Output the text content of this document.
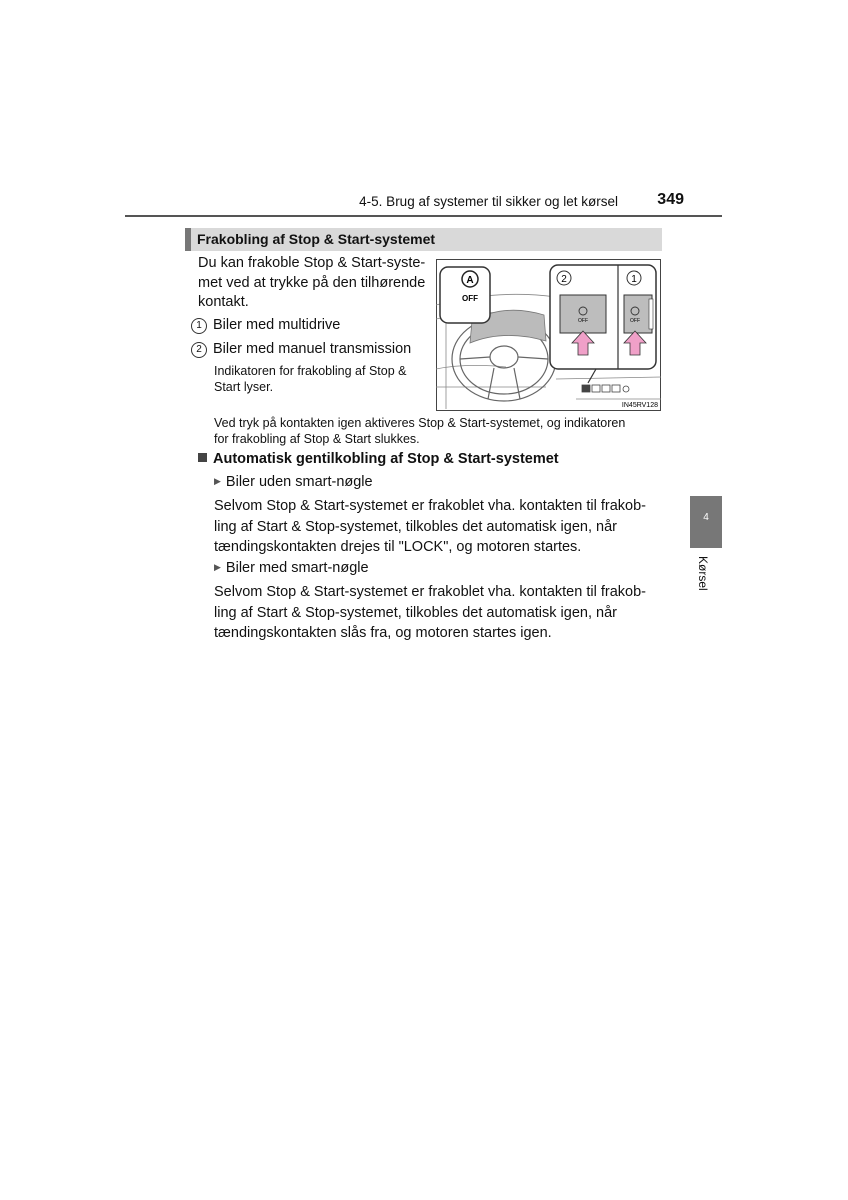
4-5. Brug af systemer til sikker og let kørsel	349
Frakobling af Stop & Start-systemet
Du kan frakoble Stop & Start-syste-
met ved at trykke på den tilhørende
kontakt.
1 Biler med multidrive
2 Biler med manuel transmission
Indikatoren for frakobling af Stop &
Start lyser.
Ved tryk på kontakten igen aktiveres Stop & Start-systemet, og indikatoren
for frakobling af Stop & Start slukkes.
A
OFF
2	1
OFF	OFF
IN45RV128
Automatisk gentilkobling af Stop & Start-systemet
▶ Biler uden smart-nøgle
Selvom Stop & Start-systemet er frakoblet vha. kontakten til frakob-
ling af Start & Stop-systemet, tilkobles det automatisk igen, når
tændingskontakten drejes til "LOCK", og motoren startes.
▶ Biler med smart-nøgle
Selvom Stop & Start-systemet er frakoblet vha. kontakten til frakob-
ling af Start & Stop-systemet, tilkobles det automatisk igen, når
tændingskontakten slås fra, og motoren startes igen.
4
Kørsel
